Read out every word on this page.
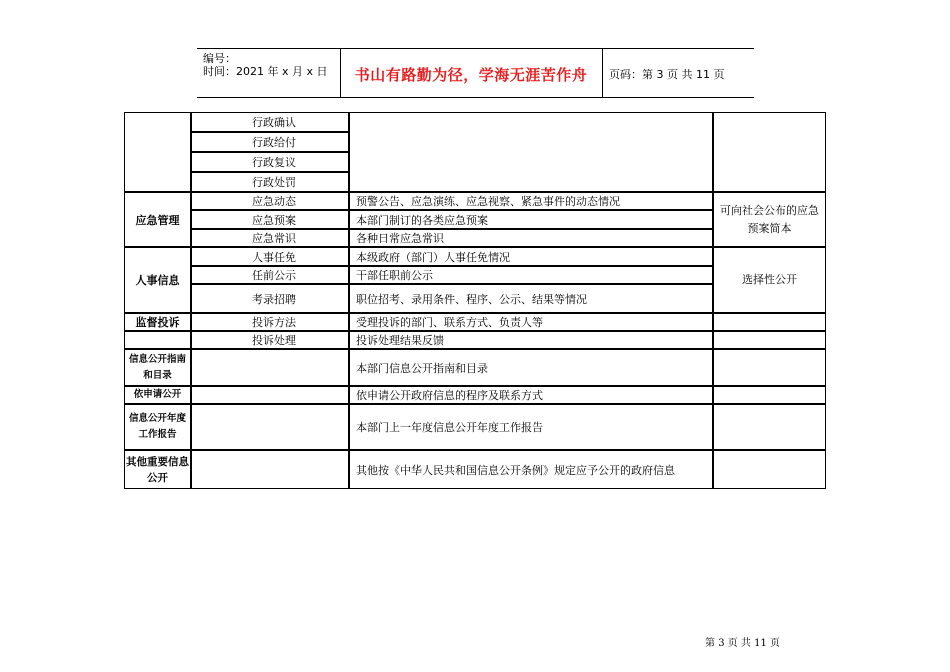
编号：
时间：2021 年 x 月 x 日	书山有路勤为径，学海无涯苦作舟	页码：第 3 页 共 11 页
应急管理
人事信息
监督投诉
信息公开指南和目录
依申请公开
信息公开年度工作报告
其他重要信息公开
行政确认
行政给付
行政复议
行政处罚
应急动态
应急预案
应急常识
人事任免
任前公示
考录招聘
投诉方法
投诉处理
预警公告、应急演练、应急视察、紧急事件的动态情况
本部门制订的各类应急预案
各种日常应急常识
本级政府（部门）人事任免情况
干部任职前公示
职位招考、录用条件、程序、公示、结果等情况
受理投诉的部门、联系方式、负责人等
投诉处理结果反馈
本部门信息公开指南和目录
依申请公开政府信息的程序及联系方式
本部门上一年度信息公开年度工作报告
其他按《中华人民共和国信息公开条例》规定应予公开的政府信息
可向社会公布的应急预案简本
选择性公开
第 3 页 共 11 页
